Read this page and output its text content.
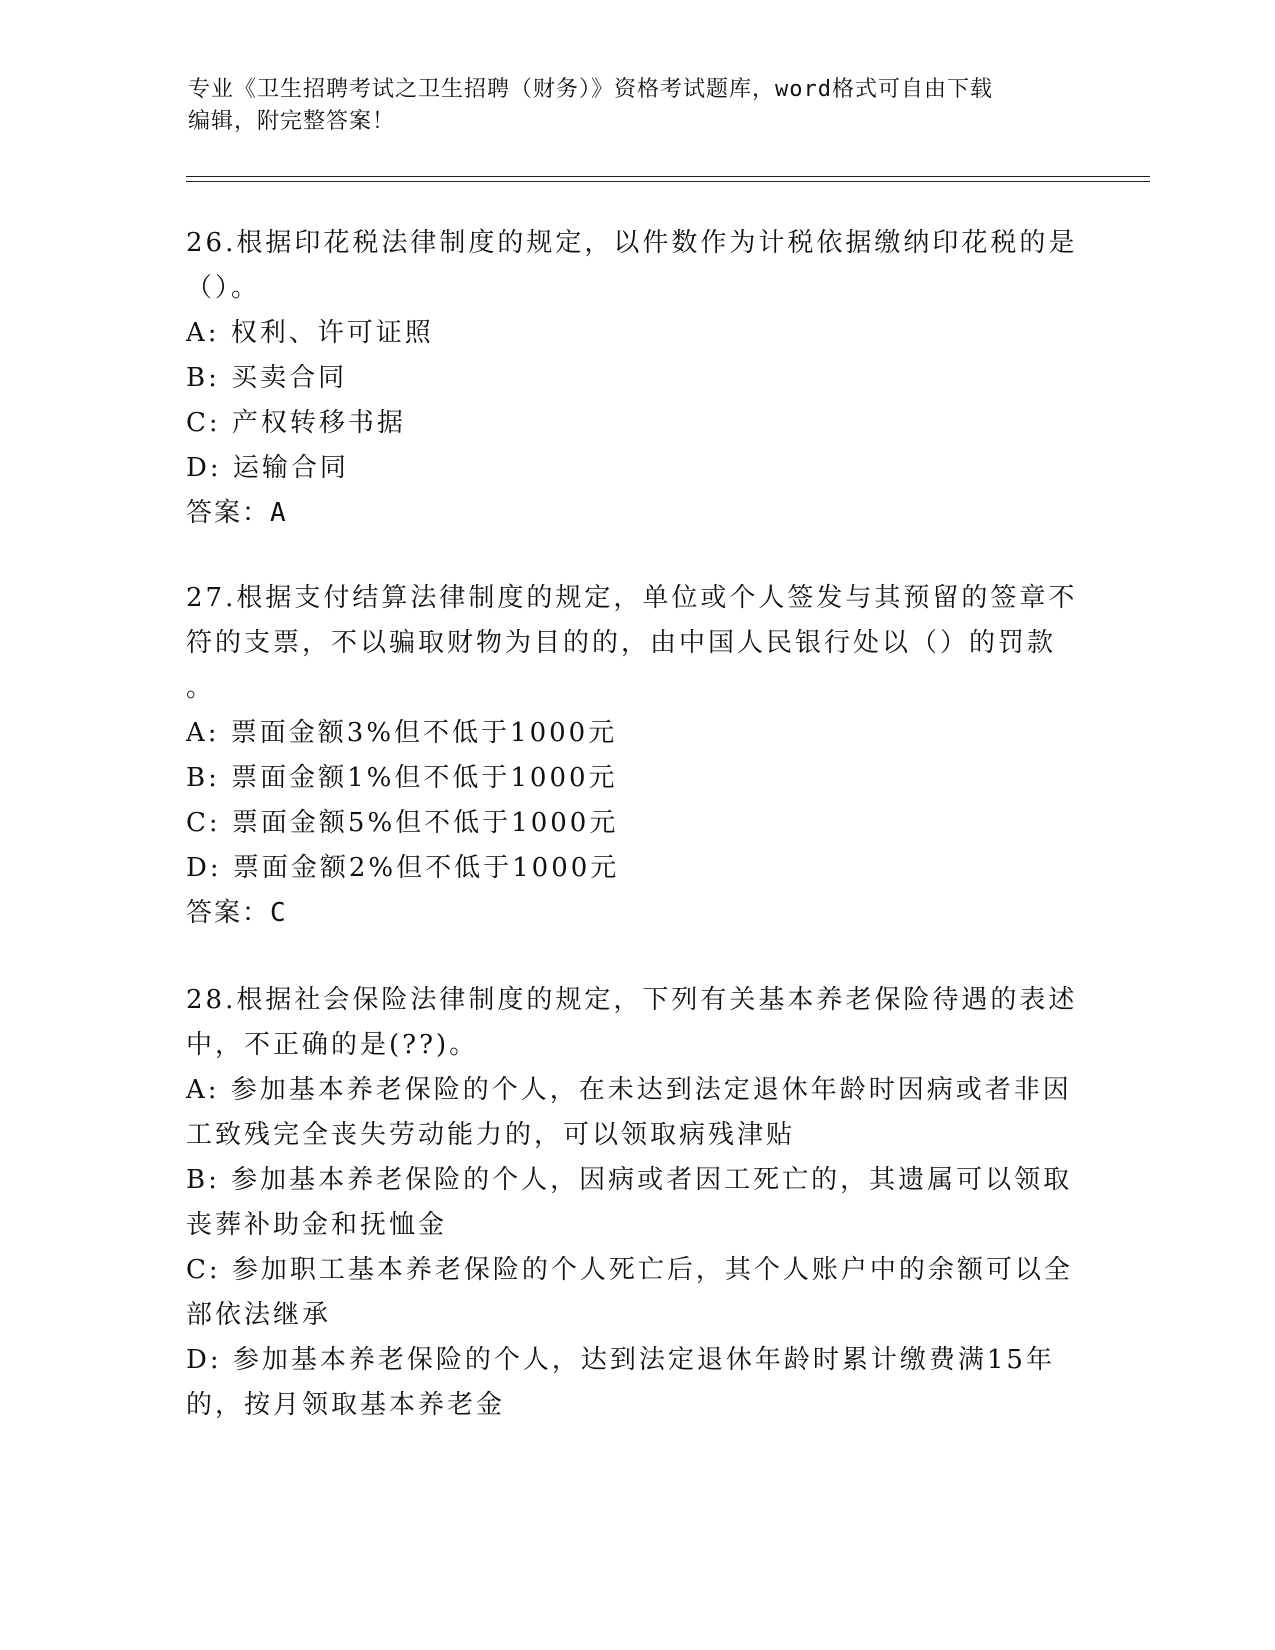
专业《卫生招聘考试之卫生招聘（财务）》资格考试题库，word格式可自由下载
编辑，附完整答案！

26.根据印花税法律制度的规定，以件数作为计税依据缴纳印花税的是

（）。

A: 权利、许可证照

B: 买卖合同

C: 产权转移书据

D: 运输合同

答案：A

27.根据支付结算法律制度的规定，单位或个人签发与其预留的签章不

符的支票，不以骗取财物为目的的，由中国人民银行处以（）的罚款

。

A: 票面金额3%但不低于1000元

B: 票面金额1%但不低于1000元

C: 票面金额5%但不低于1000元

D: 票面金额2%但不低于1000元

答案：C

28.根据社会保险法律制度的规定，下列有关基本养老保险待遇的表述

中，不正确的是(??)。

A: 参加基本养老保险的个人，在未达到法定退休年龄时因病或者非因

工致残完全丧失劳动能力的，可以领取病残津贴

B: 参加基本养老保险的个人，因病或者因工死亡的，其遗属可以领取

丧葬补助金和抚恤金

C: 参加职工基本养老保险的个人死亡后，其个人账户中的余额可以全

部依法继承

D: 参加基本养老保险的个人，达到法定退休年龄时累计缴费满15年

的，按月领取基本养老金
